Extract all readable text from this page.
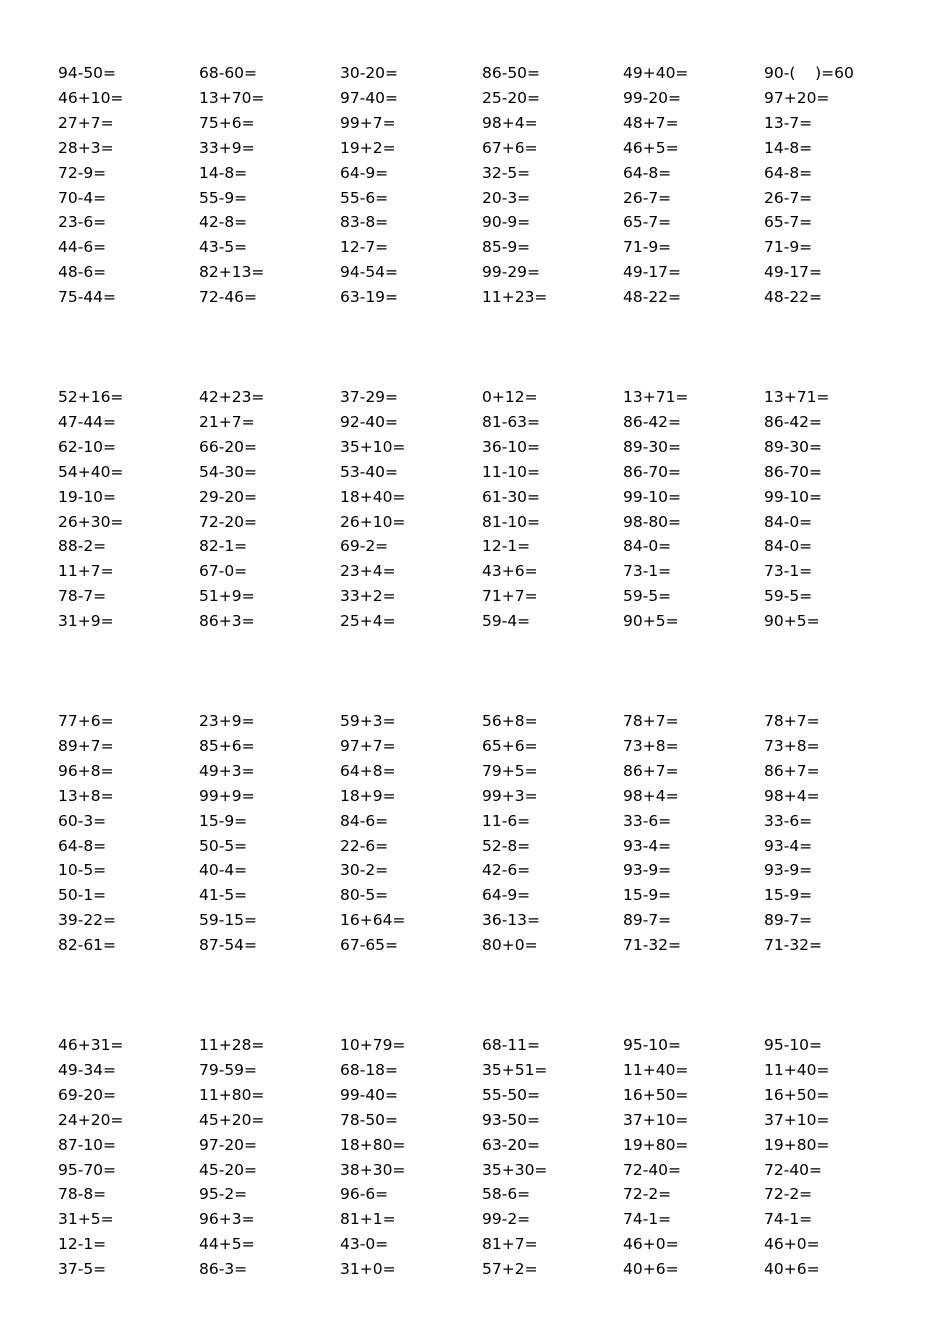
94-50=	68-60=	30-20=	86-50=	49+40=	90-(    )=60
46+10=	13+70=	97-40=	25-20=	99-20=	97+20=
27+7=	75+6=	99+7=	98+4=	48+7=	13-7=
28+3=	33+9=	19+2=	67+6=	46+5=	14-8=
72-9=	14-8=	64-9=	32-5=	64-8=	64-8=
70-4=	55-9=	55-6=	20-3=	26-7=	26-7=
23-6=	42-8=	83-8=	90-9=	65-7=	65-7=
44-6=	43-5=	12-7=	85-9=	71-9=	71-9=
48-6=	82+13=	94-54=	99-29=	49-17=	49-17=
75-44=	72-46=	63-19=	11+23=	48-22=	48-22=
52+16=	42+23=	37-29=	0+12=	13+71=	13+71=
47-44=	21+7=	92-40=	81-63=	86-42=	86-42=
62-10=	66-20=	35+10=	36-10=	89-30=	89-30=
54+40=	54-30=	53-40=	11-10=	86-70=	86-70=
19-10=	29-20=	18+40=	61-30=	99-10=	99-10=
26+30=	72-20=	26+10=	81-10=	98-80=	84-0=
88-2=	82-1=	69-2=	12-1=	84-0=	84-0=
11+7=	67-0=	23+4=	43+6=	73-1=	73-1=
78-7=	51+9=	33+2=	71+7=	59-5=	59-5=
31+9=	86+3=	25+4=	59-4=	90+5=	90+5=
77+6=	23+9=	59+3=	56+8=	78+7=	78+7=
89+7=	85+6=	97+7=	65+6=	73+8=	73+8=
96+8=	49+3=	64+8=	79+5=	86+7=	86+7=
13+8=	99+9=	18+9=	99+3=	98+4=	98+4=
60-3=	15-9=	84-6=	11-6=	33-6=	33-6=
64-8=	50-5=	22-6=	52-8=	93-4=	93-4=
10-5=	40-4=	30-2=	42-6=	93-9=	93-9=
50-1=	41-5=	80-5=	64-9=	15-9=	15-9=
39-22=	59-15=	16+64=	36-13=	89-7=	89-7=
82-61=	87-54=	67-65=	80+0=	71-32=	71-32=
46+31=	11+28=	10+79=	68-11=	95-10=	95-10=
49-34=	79-59=	68-18=	35+51=	11+40=	11+40=
69-20=	11+80=	99-40=	55-50=	16+50=	16+50=
24+20=	45+20=	78-50=	93-50=	37+10=	37+10=
87-10=	97-20=	18+80=	63-20=	19+80=	19+80=
95-70=	45-20=	38+30=	35+30=	72-40=	72-40=
78-8=	95-2=	96-6=	58-6=	72-2=	72-2=
31+5=	96+3=	81+1=	99-2=	74-1=	74-1=
12-1=	44+5=	43-0=	81+7=	46+0=	46+0=
37-5=	86-3=	31+0=	57+2=	40+6=	40+6=
